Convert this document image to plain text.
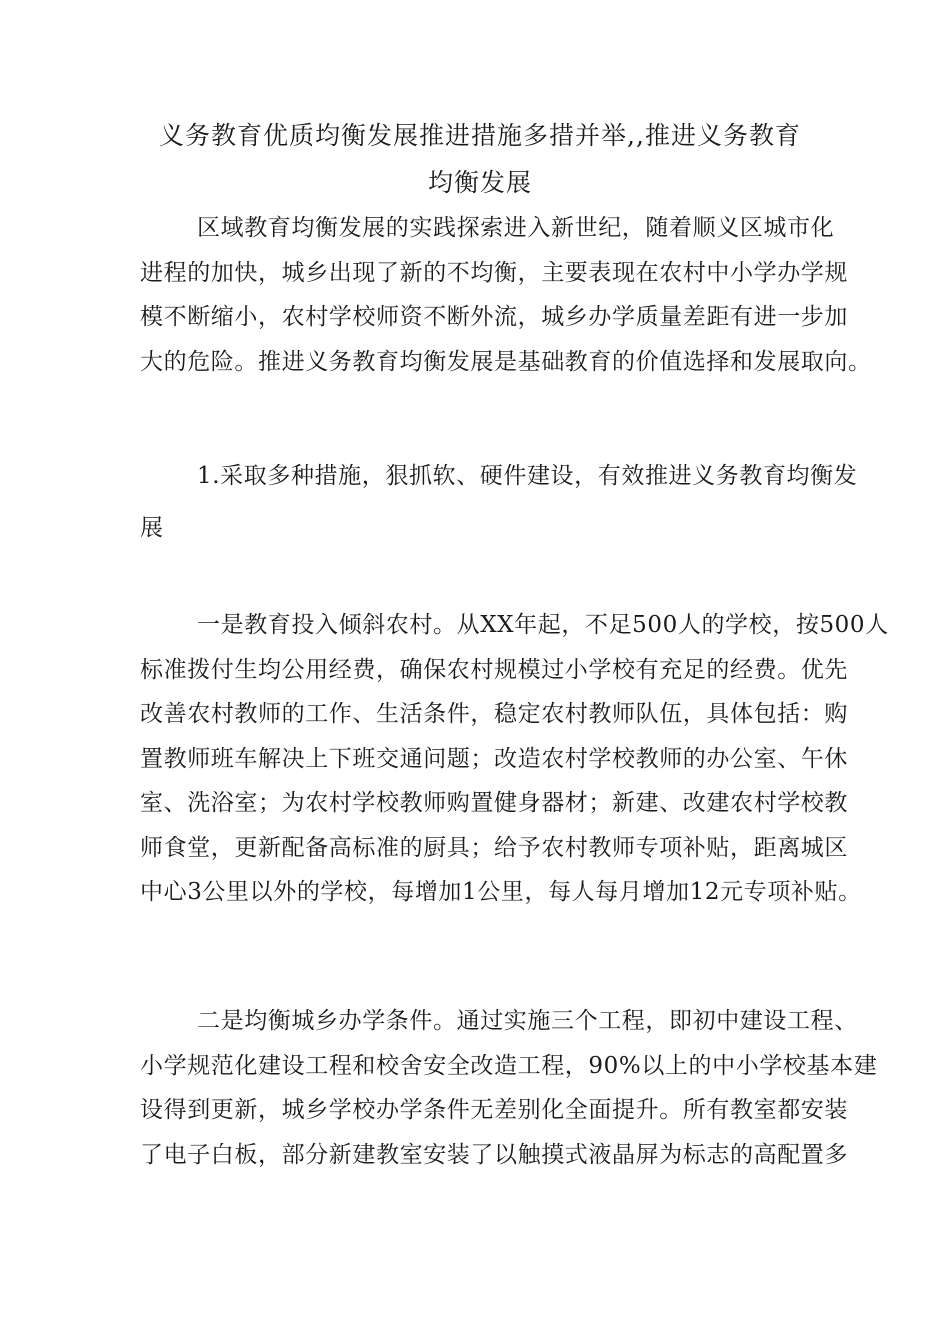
义务教育优质均衡发展推进措施多措并举,,推进义务教育
均衡发展
区域教育均衡发展的实践探索进入新世纪，随着顺义区城市化
进程的加快，城乡出现了新的不均衡，主要表现在农村中小学办学规
模不断缩小，农村学校师资不断外流，城乡办学质量差距有进一步加
大的危险。推进义务教育均衡发展是基础教育的价值选择和发展取向。
1.采取多种措施，狠抓软、硬件建设，有效推进义务教育均衡发
展
一是教育投入倾斜农村。从XX年起，不足500人的学校，按500人
标准拨付生均公用经费，确保农村规模过小学校有充足的经费。优先
改善农村教师的工作、生活条件，稳定农村教师队伍，具体包括：购
置教师班车解决上下班交通问题；改造农村学校教师的办公室、午休
室、洗浴室；为农村学校教师购置健身器材；新建、改建农村学校教
师食堂，更新配备高标准的厨具；给予农村教师专项补贴，距离城区
中心3公里以外的学校，每增加1公里，每人每月增加12元专项补贴。
二是均衡城乡办学条件。通过实施三个工程，即初中建设工程、
小学规范化建设工程和校舍安全改造工程，90%以上的中小学校基本建
设得到更新，城乡学校办学条件无差别化全面提升。所有教室都安装
了电子白板，部分新建教室安装了以触摸式液晶屏为标志的高配置多
